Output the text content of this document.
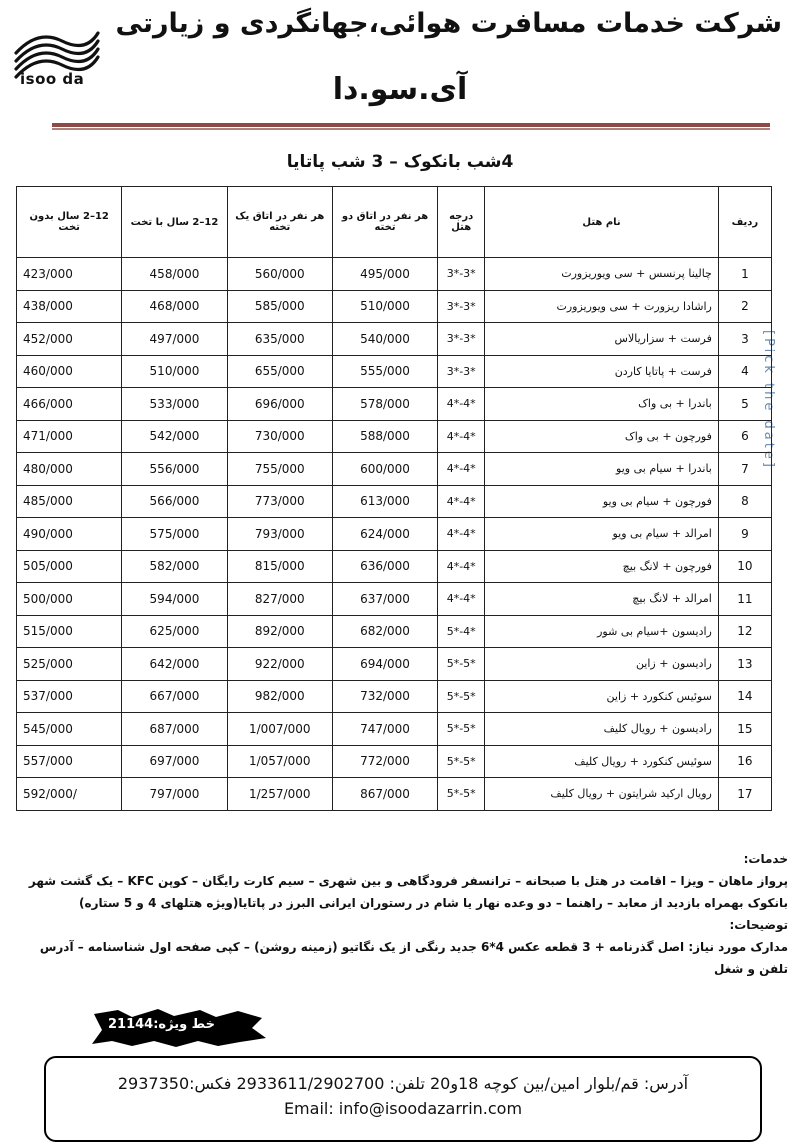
isoo da
شرکت خدمات مسافرت هوائی،جهانگردی و زیارتی
آی.سو.دا
[Pick the date]
4شب بانکوک – 3 شب پاتایا
ردیف	نام هتل	درجه هتل	هر نفر در اتاق دو تخته	هر نفر در اتاق یک تخته	12–2 سال با تخت	12–2 سال بدون تخت
1	چالینا پرنسس + سی ویوریزورت	3*-3*	495/000	560/000	458/000	423/000
2	راشادا ریزورت + سی ویوریزورت	3*-3*	510/000	585/000	468/000	438/000
3	فرست + سزاریالاس	3*-3*	540/000	635/000	497/000	452/000
4	فرست + پاتایا کاردن	3*-3*	555/000	655/000	510/000	460/000
5	باندرا + بی واک	4*-4*	578/000	696/000	533/000	466/000
6	فورچون + بی واک	4*-4*	588/000	730/000	542/000	471/000
7	باندرا + سیام بی ویو	4*-4*	600/000	755/000	556/000	480/000
8	فورچون + سیام بی ویو	4*-4*	613/000	773/000	566/000	485/000
9	امرالد + سیام بی ویو	4*-4*	624/000	793/000	575/000	490/000
10	فورچون + لانگ بیچ	4*-4*	636/000	815/000	582/000	505/000
11	امرالد + لانگ بیچ	4*-4*	637/000	827/000	594/000	500/000
12	رادیسون +سیام بی شور	5*-4*	682/000	892/000	625/000	515/000
13	رادیسون + زاین	5*-5*	694/000	922/000	642/000	525/000
14	سوئیس کنکورد + زاین	5*-5*	732/000	982/000	667/000	537/000
15	رادیسون + رویال کلیف	5*-5*	747/000	1/007/000	687/000	545/000
16	سوئیس کنکورد + رویال کلیف	5*-5*	772/000	1/057/000	697/000	557/000
17	رویال ارکید شرایتون + رویال کلیف	5*-5*	867/000	1/257/000	797/000	592/000/

خدمات:

پرواز ماهان – ویزا – اقامت در هتل با صبحانه – ترانسفر فرودگاهی و بین شهری – سیم کارت رایگان – کوپن KFC – یک گشت شهر

بانکوک بهمراه بازدید از معابد – راهنما – دو وعده نهار یا شام در رستوران ایرانی البرز در پاتایا(ویژه هتلهای 4 و 5 ستاره)

توضیحات:

مدارک مورد نیاز: اصل گذرنامه + 3 قطعه عکس 4*6 جدید رنگی از یک نگاتیو (زمینه روشن) – کپی صفحه اول شناسنامه – آدرس

تلفن و شغل

خط ویژه:21144
آدرس: قم/بلوار امین/بین کوچه 18و20 تلفن: 2933611/2902700 فکس:2937350
Email: info@isoodazarrin.com
